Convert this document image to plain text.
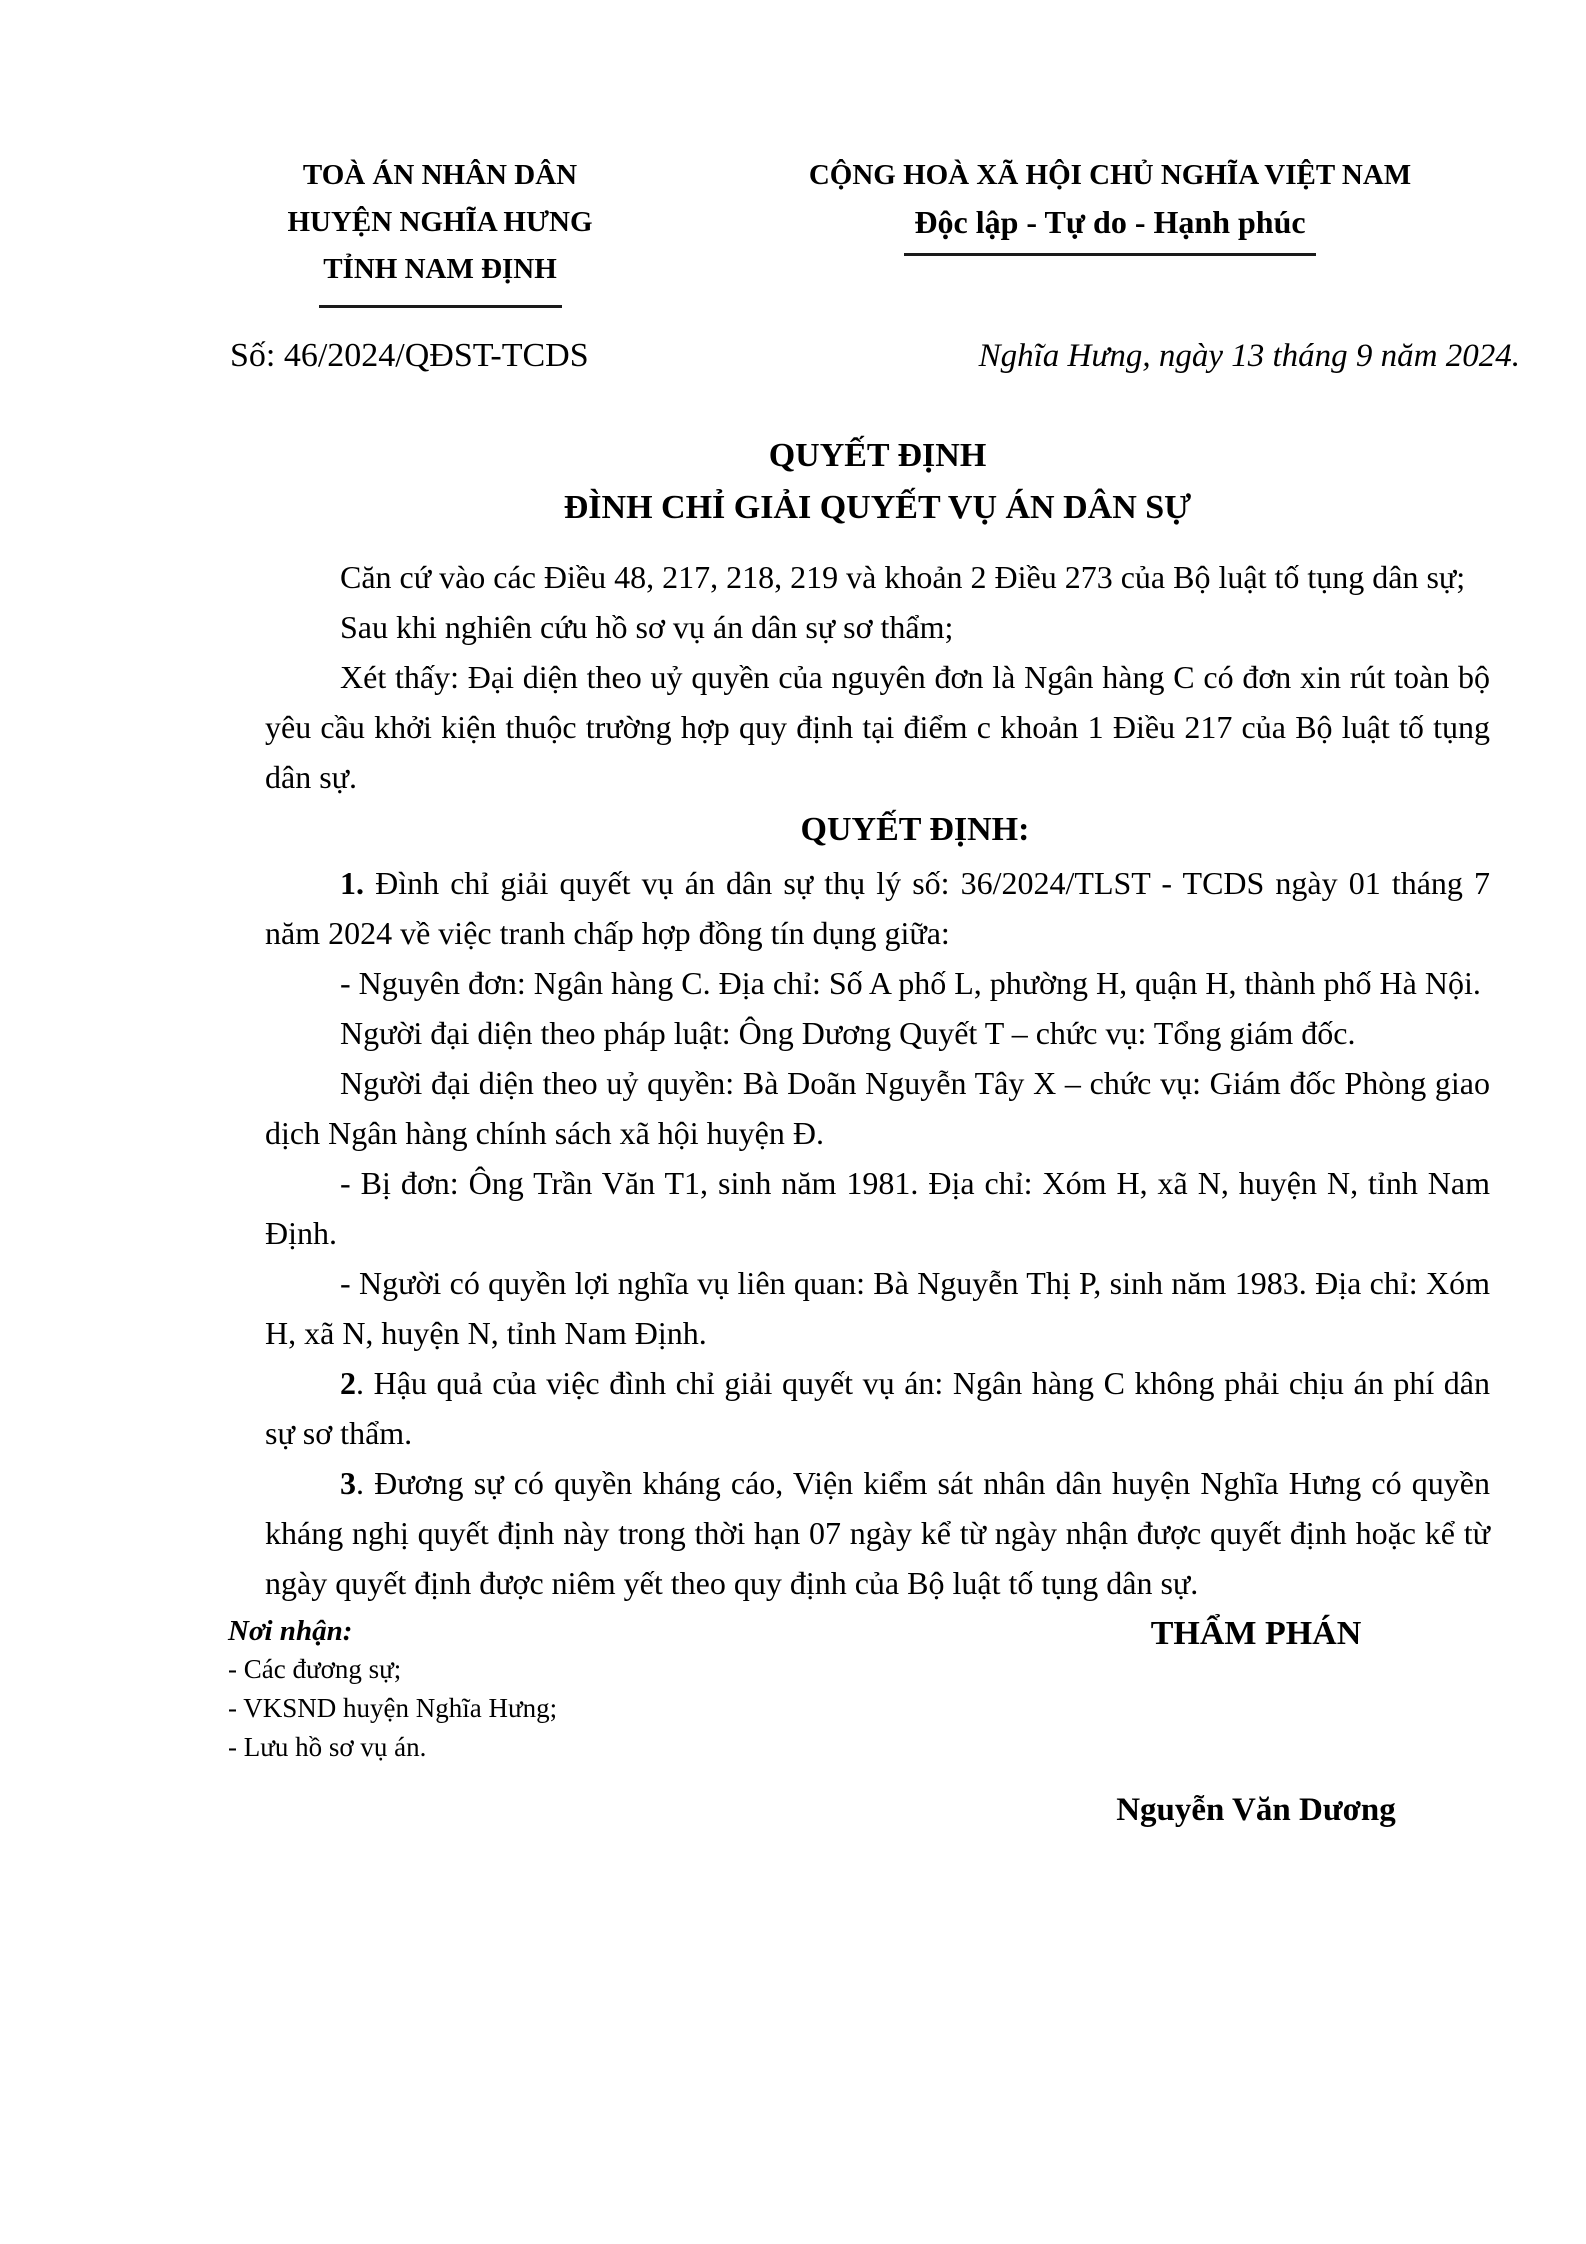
TOÀ ÁN NHÂN DÂN
HUYỆN NGHĨA HƯNG
TỈNH NAM ĐỊNH
CỘNG HOÀ XÃ HỘI CHỦ NGHĨA VIỆT NAM
Độc lập - Tự do - Hạnh phúc
Số: 46/2024/QĐST-TCDS	Nghĩa Hưng, ngày 13 tháng 9 năm 2024.
QUYẾT ĐỊNH
ĐÌNH CHỈ GIẢI QUYẾT VỤ ÁN DÂN SỰ

Căn cứ vào các Điều 48, 217, 218, 219 và khoản 2 Điều 273 của Bộ luật tố tụng dân sự;

Sau khi nghiên cứu hồ sơ vụ án dân sự sơ thẩm;

Xét thấy: Đại diện theo uỷ quyền của nguyên đơn là Ngân hàng C có đơn xin rút toàn bộ yêu cầu khởi kiện thuộc trường hợp quy định tại điểm c khoản 1 Điều 217 của Bộ luật tố tụng dân sự.

QUYẾT ĐỊNH:

1. Đình chỉ giải quyết vụ án dân sự thụ lý số: 36/2024/TLST - TCDS ngày 01 tháng 7 năm 2024 về việc tranh chấp hợp đồng tín dụng giữa:

- Nguyên đơn: Ngân hàng C. Địa chỉ: Số A phố L, phường H, quận H, thành phố Hà Nội.

Người đại diện theo pháp luật: Ông Dương Quyết T – chức vụ: Tổng giám đốc.

Người đại diện theo uỷ quyền: Bà Doãn Nguyễn Tây X – chức vụ: Giám đốc Phòng giao dịch Ngân hàng chính sách xã hội huyện Đ.

- Bị đơn: Ông Trần Văn T1, sinh năm 1981. Địa chỉ: Xóm H, xã N, huyện N, tỉnh Nam Định.

- Người có quyền lợi nghĩa vụ liên quan: Bà Nguyễn Thị P, sinh năm 1983. Địa chỉ: Xóm H, xã N, huyện N, tỉnh Nam Định.

2. Hậu quả của việc đình chỉ giải quyết vụ án: Ngân hàng C không phải chịu án phí dân sự sơ thẩm.

3. Đương sự có quyền kháng cáo, Viện kiểm sát nhân dân huyện Nghĩa Hưng có quyền kháng nghị quyết định này trong thời hạn 07 ngày kể từ ngày nhận được quyết định hoặc kể từ ngày quyết định được niêm yết theo quy định của Bộ luật tố tụng dân sự.

Nơi nhận:
- Các đương sự;
- VKSND huyện Nghĩa Hưng;
- Lưu hồ sơ vụ án.
THẨM PHÁN
Nguyễn Văn Dương
